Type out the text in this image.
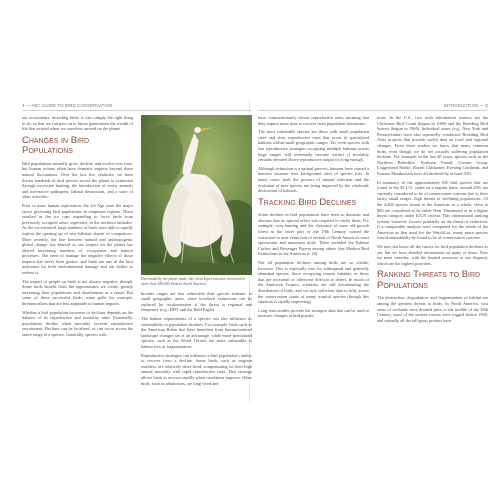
4 — ABC GUIDE TO BIRD CONSERVATION

our ecosystems, including birds, is also simply the right thing to do, so that we can pass on to future generations the wealth of life that existed when we ourselves arrived on the planet.

Changes in Bird Populations

Bird populations naturally grow, decline, and evolve over time, but human actions often have dramatic impacts beyond these natural fluctuations. Over the last five centuries, we have driven hundreds of bird species across the planet to extinction through excessive hunting, the introduction of exotic animals and non-native pathogens, habitat destruction, and a suite of other activities.

Prior to mass human exploration, the Ice Age were the major factor governing bird populations in temperate regions. These resulted in the ice caps expanding to force birds from previously occupied areas, especially in the northern latitudes. As the ice retreated, large numbers of birds were able to rapidly exploit the opening up of new habitats absent of competitors. More recently, the line between natural and anthropogenic global change has blurred as our impact on the planet has altered increasing numbers of ecosystems and natural processes. The need to manage the negative effects of those impacts has never been greater, and birds are one of the best indicators for both environmental damage and our ability to redress it.

The impact of people on birds is not always negative, though. Some birds benefit from the opportunities we create, greatly increasing their populations and distributions as a result. But some of these successful birds, some gulls for example, threaten others that are less adaptable to human impacts.

Whether a bird population increases or declines depends on the balance of its reproductive and mortality rates. Essentially, populations decline when mortality exceeds reproductive recruitment. Declines can be localized, or can occur across the entire range of a species. Generally, species with

Decimated by the plume trade, the Great Egret has now recovered to more than 180,000 birds in North America.

broader ranges are less vulnerable than species endemic to small geographic areas, since localized extinctions can be replaced by recolonization if the threat is regional and temporary (e.g., DDT and the Bald Eagle).

The habitat requirements of a species can also influence its vulnerability to population declines. For example, birds such as the American Robin that have benefited from human-induced landscape changes are at an advantage, while more specialized species, such as the Wood Thrush, are more vulnerable to habitat loss or fragmentation.

Reproductive strategies can influence a bird population's ability to recover from a decline. Some birds, such as migrant warblers, are relatively short-lived, compensating for their high annual mortality with rapid reproductive rates. This strategy allows birds to recover rapidly when conditions improve. Other birds, such as albatrosses, are long-lived and

INTRODUCTION — 5

have commensurately slower reproductive rates, meaning that they require more time to recover from population downturns.

The most vulnerable species are those with small population sizes and slow reproductive rates that occur in specialized habitats within small geographic ranges. Yet, even species with fast reproductive strategies occupying multiple habitats across large ranges will eventually become extinct if mortality remains elevated above reproductive output for long enough.

Although extinction is a natural process, humans have caused a massive increase over background rates of species loss. In many cases, both the process of natural selection and the evolution of new species are being impacted by the wholesale destruction of habitats.

Tracking Bird Declines

Some declines in bird populations have been so dramatic and obvious that no special effort was required to verify them. For example, over-hunting and the clearance of most old-growth forest in the latter part of the 19th Century caused the extinction or near extinction of several of North America's most spectacular and numerous birds. These included the Eskimo Curlew and Passenger Pigeon among others (see Modern Bird Extinctions in the Americas p. 16).

Not all population declines among birds are so visible, however. This is especially true for widespread and generally abundant species, those occupying remote habitats, or those that are nocturnal or otherwise difficult to detect. In much of the American Tropics, scientists are still documenting the distribution of birds, and we lack sufficient data to fully assess the conservation status of many tropical species (though this situation is rapidly improving).

Long-term studies provide the strongest data that can be used to measure changes in bird popula-

tions. In the U.S., two such information sources are the Christmas Bird Count (begun in 1900) and the Breeding Bird Survey (begun in 1965). Individual states (e.g., New York and Pennsylvania) have also repeatedly conducted Breeding Bird Atlas projects that provide useful data on local and regional changes. From these studies we know that many common birds, even though we do not actually suffering population declines. For example, in the last 40 years, species such as the Northern Bobwhite, Northern Pintail, Greater Scaup, Loggerhead Shrike, Boreal Chickadee, Evening Grosbeak, and Eastern Meadowlark have all declined by at least 50%.

In summary, of the approximately 650 bird species that are found in the 50 U.S. states on a regular basis, around 25% are currently considered to be of conservation concern due to their rarity, small ranges, high threats or declining populations. Of the 4,400 species found in the Americas as a whole, close to 800 are considered to be either Near Threatened or in a higher threat category under IUCN criteria. This international ranking system, however, focuses primarily on the threat of extinction. If a comparable analysis were completed for the whole of the Americas as that used for the WatchList, many more species would undoubtedly be found to be of conservation concern.

We may not know all the causes for bird population declines as yet, but we have detailed information on many of them. Now we must consider, with the limited resources at our disposal, which are the highest priorities.

Ranking Threats to Bird Populations

The destruction, degradation, and fragmentation of habitat are among the greatest threats to birds. In North America, vast areas of wetlands were drained prior to the middle of the 20th Century, most of the eastern forests were logged before 1900, and virtually all the tall-grass prairies have
